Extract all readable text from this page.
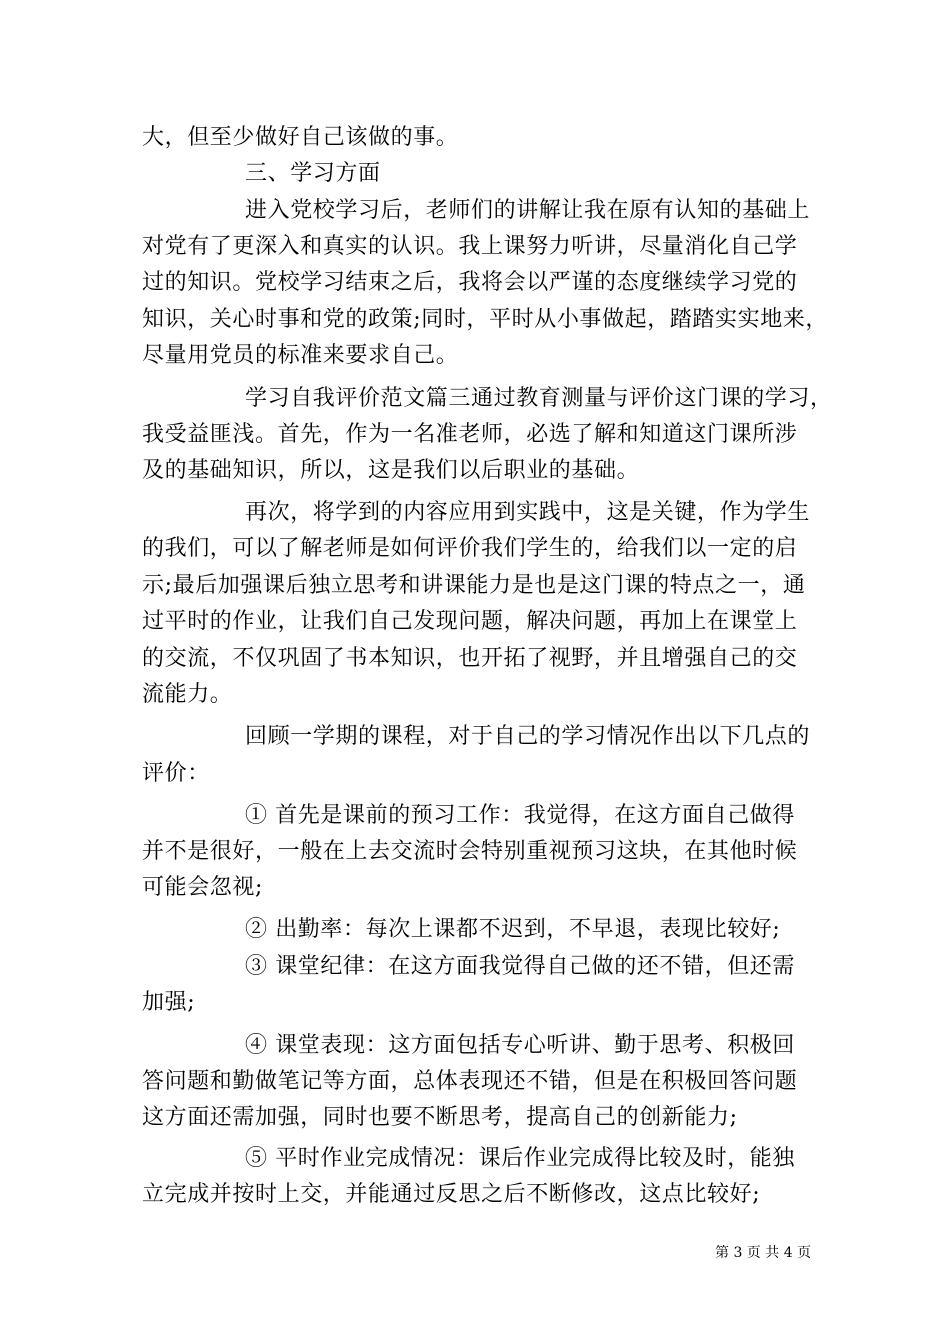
大，但至少做好自己该做的事。
三、学习方面
进入党校学习后，老师们的讲解让我在原有认知的基础上
对党有了更深入和真实的认识。我上课努力听讲，尽量消化自己学
过的知识。党校学习结束之后，我将会以严谨的态度继续学习党的
知识，关心时事和党的政策;同时，平时从小事做起，踏踏实实地来，
尽量用党员的标准来要求自己。
学习自我评价范文篇三通过教育测量与评价这门课的学习，
我受益匪浅。首先，作为一名准老师，必选了解和知道这门课所涉
及的基础知识，所以，这是我们以后职业的基础。
再次，将学到的内容应用到实践中，这是关键，作为学生
的我们，可以了解老师是如何评价我们学生的，给我们以一定的启
示;最后加强课后独立思考和讲课能力是也是这门课的特点之一，通
过平时的作业，让我们自己发现问题，解决问题，再加上在课堂上
的交流，不仅巩固了书本知识，也开拓了视野，并且增强自己的交
流能力。
回顾一学期的课程，对于自己的学习情况作出以下几点的
评价：
① 首先是课前的预习工作：我觉得，在这方面自己做得
并不是很好，一般在上去交流时会特别重视预习这块，在其他时候
可能会忽视;
② 出勤率：每次上课都不迟到，不早退，表现比较好;
③ 课堂纪律：在这方面我觉得自己做的还不错，但还需
加强;
④ 课堂表现：这方面包括专心听讲、勤于思考、积极回
答问题和勤做笔记等方面，总体表现还不错，但是在积极回答问题
这方面还需加强，同时也要不断思考，提高自己的创新能力;
⑤ 平时作业完成情况：课后作业完成得比较及时，能独
立完成并按时上交，并能通过反思之后不断修改，这点比较好;
第 3 页 共 4 页
